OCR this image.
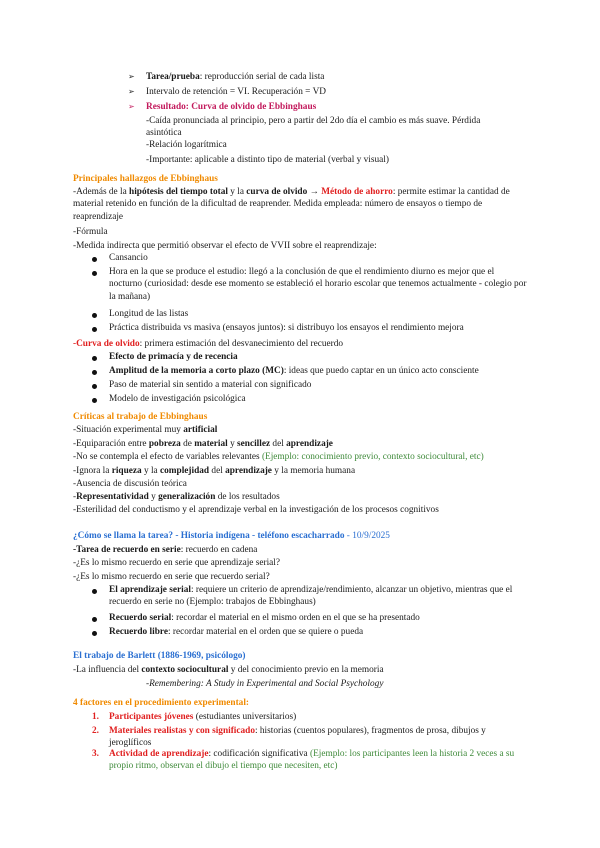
➢	Tarea/prueba: reproducción serial de cada lista
➢	Intervalo de retención = VI. Recuperación = VD
➢	Resultado: Curva de olvido de Ebbinghaus
-Caída pronunciada al principio, pero a partir del 2do día el cambio es más suave. Pérdida asintótica
-Relación logarítmica
-Importante: aplicable a distinto tipo de material (verbal y visual)
Principales hallazgos de Ebbinghaus
-Además de la hipótesis del tiempo total y la curva de olvido → Método de ahorro: permite estimar la cantidad de material retenido en función de la dificultad de reaprender. Medida empleada: número de ensayos o tiempo de reaprendizaje
-Fórmula
-Medida indirecta que permitió observar el efecto de VVII sobre el reaprendizaje:
Cansancio
Hora en la que se produce el estudio: llegó a la conclusión de que el rendimiento diurno es mejor que el nocturno (curiosidad: desde ese momento se estableció el horario escolar que tenemos actualmente - colegio por la mañana)
Longitud de las listas
Práctica distribuida vs masiva (ensayos juntos): si distribuyo los ensayos el rendimiento mejora
-Curva de olvido: primera estimación del desvanecimiento del recuerdo
Efecto de primacía y de recencia
Amplitud de la memoria a corto plazo (MC): ideas que puedo captar en un único acto consciente
Paso de material sin sentido a material con significado
Modelo de investigación psicológica
Críticas al trabajo de Ebbinghaus
-Situación experimental muy artificial
-Equiparación entre pobreza de material y sencillez del aprendizaje
-No se contempla el efecto de variables relevantes (Ejemplo: conocimiento previo, contexto sociocultural, etc)
-Ignora la riqueza y la complejidad del aprendizaje y la memoria humana
-Ausencia de discusión teórica
-Representatividad y generalización de los resultados
-Esterilidad del conductismo y el aprendizaje verbal en la investigación de los procesos cognitivos
¿Cómo se llama la tarea? - Historia indígena - teléfono escacharrado - 10/9/2025
-Tarea de recuerdo en serie: recuerdo en cadena
-¿Es lo mismo recuerdo en serie que aprendizaje serial?
-¿Es lo mismo recuerdo en serie que recuerdo serial?
El aprendizaje serial: requiere un criterio de aprendizaje/rendimiento, alcanzar un objetivo, mientras que el recuerdo en serie no (Ejemplo: trabajos de Ebbinghaus)
Recuerdo serial: recordar el material en el mismo orden en el que se ha presentado
Recuerdo libre: recordar material en el orden que se quiere o pueda
El trabajo de Barlett (1886-1969, psicólogo)
-La influencia del contexto sociocultural y del conocimiento previo en la memoria
-Remembering: A Study in Experimental and Social Psychology
4 factores en el procedimiento experimental:
1. Participantes jóvenes (estudiantes universitarios)
2. Materiales realistas y con significado: historias (cuentos populares), fragmentos de prosa, dibujos y jeroglíficos
3. Actividad de aprendizaje: codificación significativa (Ejemplo: los participantes leen la historia 2 veces a su propio ritmo, observan el dibujo el tiempo que necesiten, etc)
